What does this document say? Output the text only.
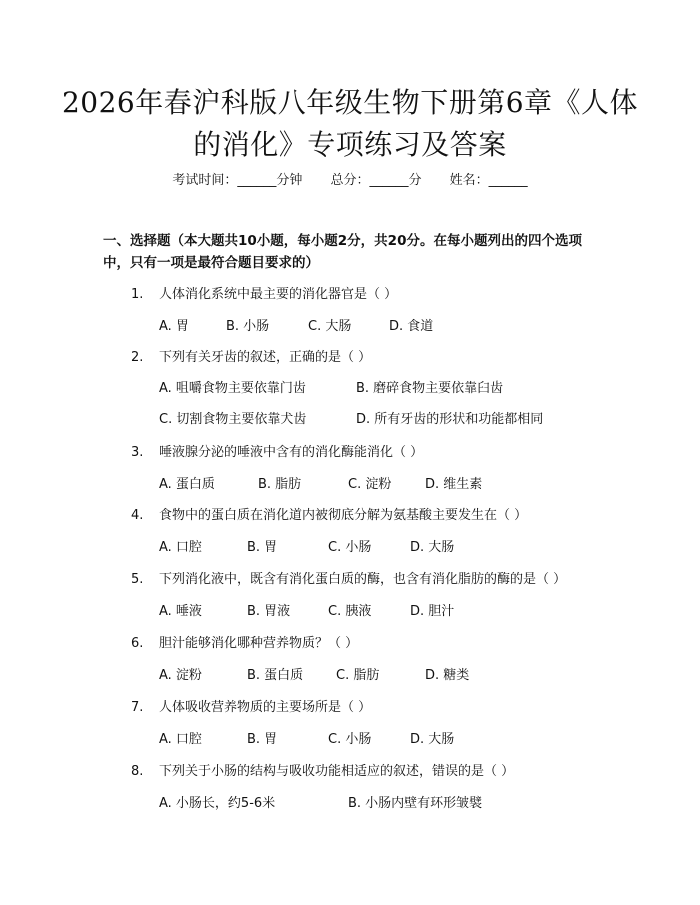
2026年春沪科版八年级生物下册第6章《人体的消化》专项练习及答案
考试时间：______分钟 总分：______分 姓名：______
一、选择题（本大题共10小题，每小题2分，共20分。在每小题列出的四个选项中，只有一项是最符合题目要求的）
1. 人体消化系统中最主要的消化器官是（ ）
A. 胃	B. 小肠	C. 大肠	D. 食道
2. 下列有关牙齿的叙述，正确的是（ ）
A. 咀嚼食物主要依靠门齿	B. 磨碎食物主要依靠臼齿
C. 切割食物主要依靠犬齿	D. 所有牙齿的形状和功能都相同
3. 唾液腺分泌的唾液中含有的消化酶能消化（ ）
A. 蛋白质	B. 脂肪	C. 淀粉	D. 维生素
4. 食物中的蛋白质在消化道内被彻底分解为氨基酸主要发生在（ ）
A. 口腔	B. 胃	C. 小肠	D. 大肠
5. 下列消化液中，既含有消化蛋白质的酶，也含有消化脂肪的酶的是（ ）
A. 唾液	B. 胃液	C. 胰液	D. 胆汁
6. 胆汁能够消化哪种营养物质？（ ）
A. 淀粉	B. 蛋白质	C. 脂肪	D. 糖类
7. 人体吸收营养物质的主要场所是（ ）
A. 口腔	B. 胃	C. 小肠	D. 大肠
8. 下列关于小肠的结构与吸收功能相适应的叙述，错误的是（ ）
A. 小肠长，约5-6米	B. 小肠内壁有环形皱襞
